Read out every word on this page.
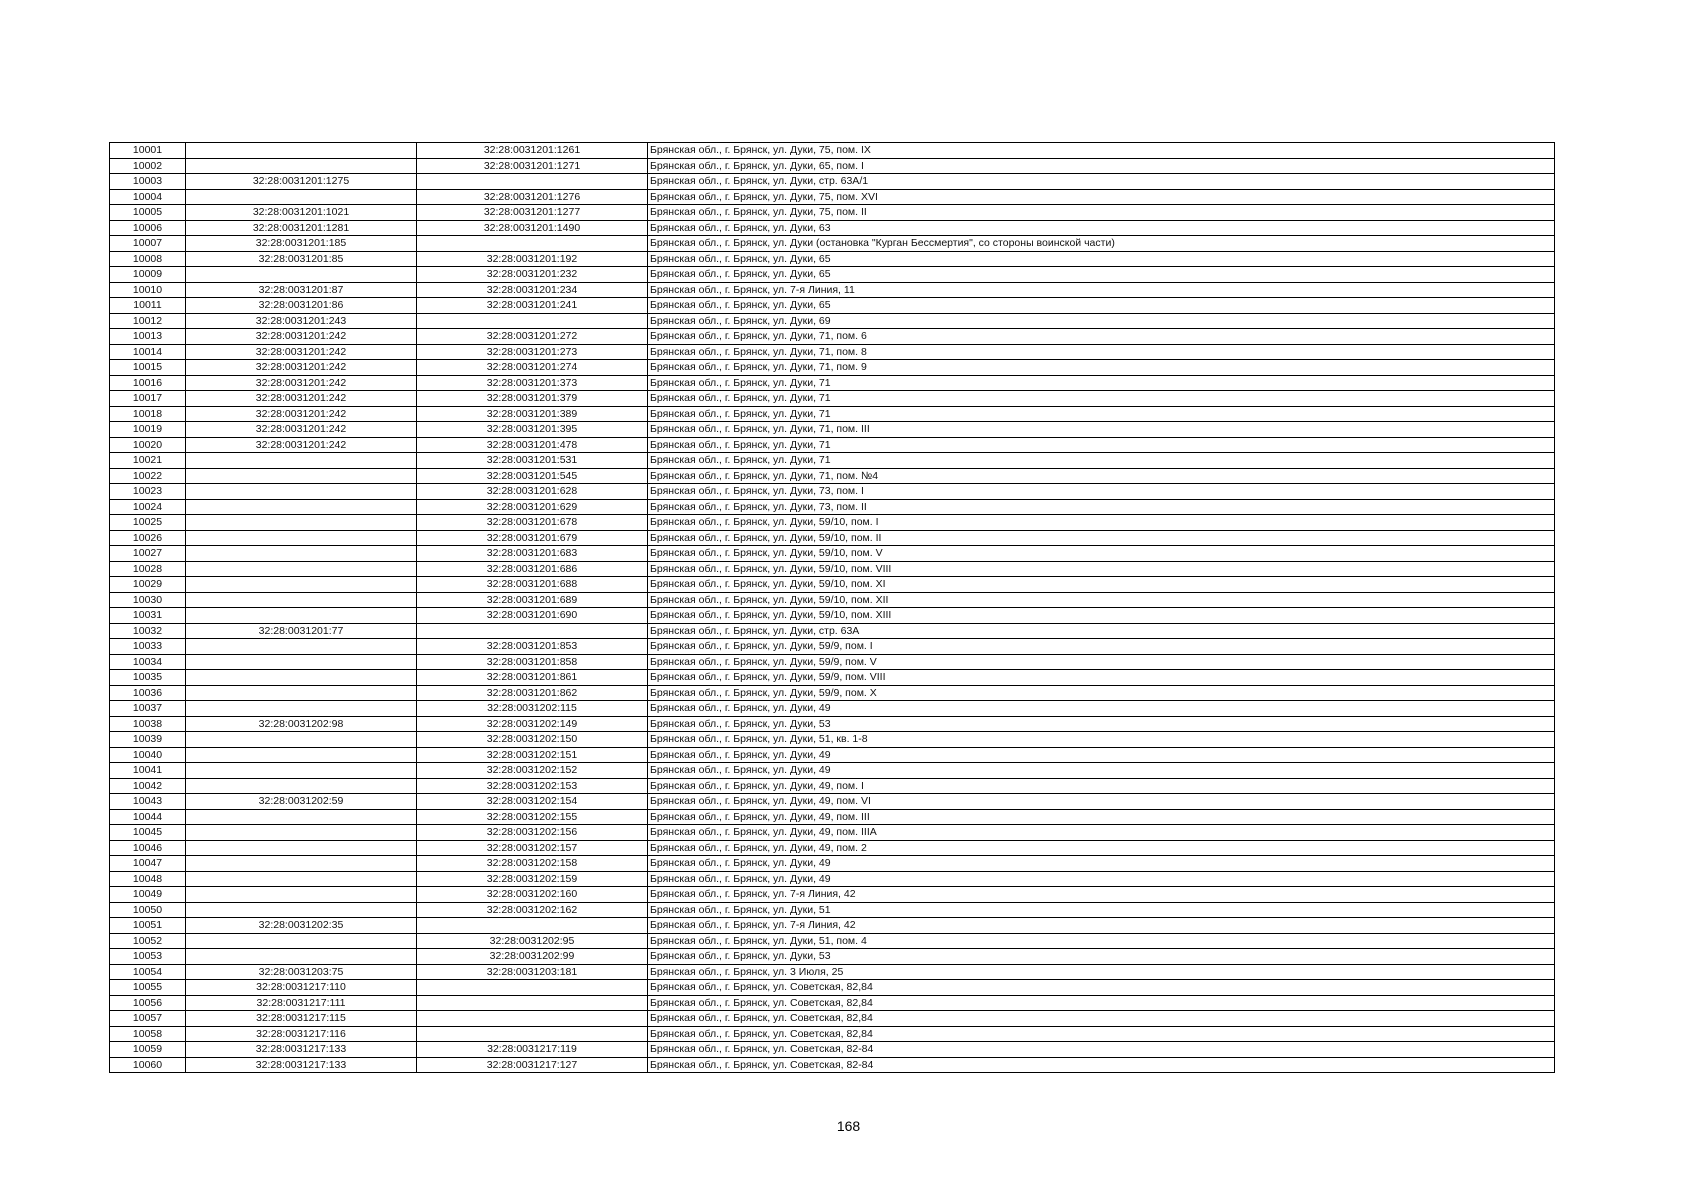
10001		32:28:0031201:1261	Брянская обл., г. Брянск, ул. Дуки, 75, пом. IX
10002		32:28:0031201:1271	Брянская обл., г. Брянск, ул. Дуки, 65, пом. I
10003	32:28:0031201:1275		Брянская обл., г. Брянск, ул. Дуки, стр. 63А/1
10004		32:28:0031201:1276	Брянская обл., г. Брянск, ул. Дуки, 75, пом. XVI
10005	32:28:0031201:1021	32:28:0031201:1277	Брянская обл., г. Брянск, ул. Дуки, 75, пом. II
10006	32:28:0031201:1281	32:28:0031201:1490	Брянская обл., г. Брянск, ул. Дуки, 63
10007	32:28:0031201:185		Брянская обл., г. Брянск, ул. Дуки (остановка "Курган Бессмертия", со стороны воинской части)
10008	32:28:0031201:85	32:28:0031201:192	Брянская обл., г. Брянск, ул. Дуки, 65
10009		32:28:0031201:232	Брянская обл., г. Брянск, ул. Дуки, 65
10010	32:28:0031201:87	32:28:0031201:234	Брянская обл., г. Брянск, ул. 7-я Линия, 11
10011	32:28:0031201:86	32:28:0031201:241	Брянская обл., г. Брянск, ул. Дуки, 65
10012	32:28:0031201:243		Брянская обл., г. Брянск, ул. Дуки, 69
10013	32:28:0031201:242	32:28:0031201:272	Брянская обл., г. Брянск, ул. Дуки, 71, пом. 6
10014	32:28:0031201:242	32:28:0031201:273	Брянская обл., г. Брянск, ул. Дуки, 71, пом. 8
10015	32:28:0031201:242	32:28:0031201:274	Брянская обл., г. Брянск, ул. Дуки, 71, пом. 9
10016	32:28:0031201:242	32:28:0031201:373	Брянская обл., г. Брянск, ул. Дуки, 71
10017	32:28:0031201:242	32:28:0031201:379	Брянская обл., г. Брянск, ул. Дуки, 71
10018	32:28:0031201:242	32:28:0031201:389	Брянская обл., г. Брянск, ул. Дуки, 71
10019	32:28:0031201:242	32:28:0031201:395	Брянская обл., г. Брянск, ул. Дуки, 71, пом. III
10020	32:28:0031201:242	32:28:0031201:478	Брянская обл., г. Брянск, ул. Дуки, 71
10021		32:28:0031201:531	Брянская обл., г. Брянск, ул. Дуки, 71
10022		32:28:0031201:545	Брянская обл., г. Брянск, ул. Дуки, 71, пом. №4
10023		32:28:0031201:628	Брянская обл., г. Брянск, ул. Дуки, 73, пом. I
10024		32:28:0031201:629	Брянская обл., г. Брянск, ул. Дуки, 73, пом. II
10025		32:28:0031201:678	Брянская обл., г. Брянск, ул. Дуки, 59/10, пом. I
10026		32:28:0031201:679	Брянская обл., г. Брянск, ул. Дуки, 59/10, пом. II
10027		32:28:0031201:683	Брянская обл., г. Брянск, ул. Дуки, 59/10, пом. V
10028		32:28:0031201:686	Брянская обл., г. Брянск, ул. Дуки, 59/10, пом. VIII
10029		32:28:0031201:688	Брянская обл., г. Брянск, ул. Дуки, 59/10, пом. XI
10030		32:28:0031201:689	Брянская обл., г. Брянск, ул. Дуки, 59/10, пом. XII
10031		32:28:0031201:690	Брянская обл., г. Брянск, ул. Дуки, 59/10, пом. XIII
10032	32:28:0031201:77		Брянская обл., г. Брянск, ул. Дуки, стр. 63А
10033		32:28:0031201:853	Брянская обл., г. Брянск, ул. Дуки, 59/9, пом. I
10034		32:28:0031201:858	Брянская обл., г. Брянск, ул. Дуки, 59/9, пом. V
10035		32:28:0031201:861	Брянская обл., г. Брянск, ул. Дуки, 59/9, пом. VIII
10036		32:28:0031201:862	Брянская обл., г. Брянск, ул. Дуки, 59/9, пом. X
10037		32:28:0031202:115	Брянская обл., г. Брянск, ул. Дуки, 49
10038	32:28:0031202:98	32:28:0031202:149	Брянская обл., г. Брянск, ул. Дуки, 53
10039		32:28:0031202:150	Брянская обл., г. Брянск, ул. Дуки, 51, кв. 1-8
10040		32:28:0031202:151	Брянская обл., г. Брянск, ул. Дуки, 49
10041		32:28:0031202:152	Брянская обл., г. Брянск, ул. Дуки, 49
10042		32:28:0031202:153	Брянская обл., г. Брянск, ул. Дуки, 49, пом. I
10043	32:28:0031202:59	32:28:0031202:154	Брянская обл., г. Брянск, ул. Дуки, 49, пом. VI
10044		32:28:0031202:155	Брянская обл., г. Брянск, ул. Дуки, 49, пом. III
10045		32:28:0031202:156	Брянская обл., г. Брянск, ул. Дуки, 49, пом. IIIА
10046		32:28:0031202:157	Брянская обл., г. Брянск, ул. Дуки, 49, пом. 2
10047		32:28:0031202:158	Брянская обл., г. Брянск, ул. Дуки, 49
10048		32:28:0031202:159	Брянская обл., г. Брянск, ул. Дуки, 49
10049		32:28:0031202:160	Брянская обл., г. Брянск, ул. 7-я Линия, 42
10050		32:28:0031202:162	Брянская обл., г. Брянск, ул. Дуки, 51
10051	32:28:0031202:35		Брянская обл., г. Брянск, ул. 7-я Линия, 42
10052		32:28:0031202:95	Брянская обл., г. Брянск, ул. Дуки, 51, пом. 4
10053		32:28:0031202:99	Брянская обл., г. Брянск, ул. Дуки, 53
10054	32:28:0031203:75	32:28:0031203:181	Брянская обл., г. Брянск, ул. 3 Июля, 25
10055	32:28:0031217:110		Брянская обл., г. Брянск, ул. Советская, 82,84
10056	32:28:0031217:111		Брянская обл., г. Брянск, ул. Советская, 82,84
10057	32:28:0031217:115		Брянская обл., г. Брянск, ул. Советская, 82,84
10058	32:28:0031217:116		Брянская обл., г. Брянск, ул. Советская, 82,84
10059	32:28:0031217:133	32:28:0031217:119	Брянская обл., г. Брянск, ул. Советская, 82-84
10060	32:28:0031217:133	32:28:0031217:127	Брянская обл., г. Брянск, ул. Советская, 82-84
168
